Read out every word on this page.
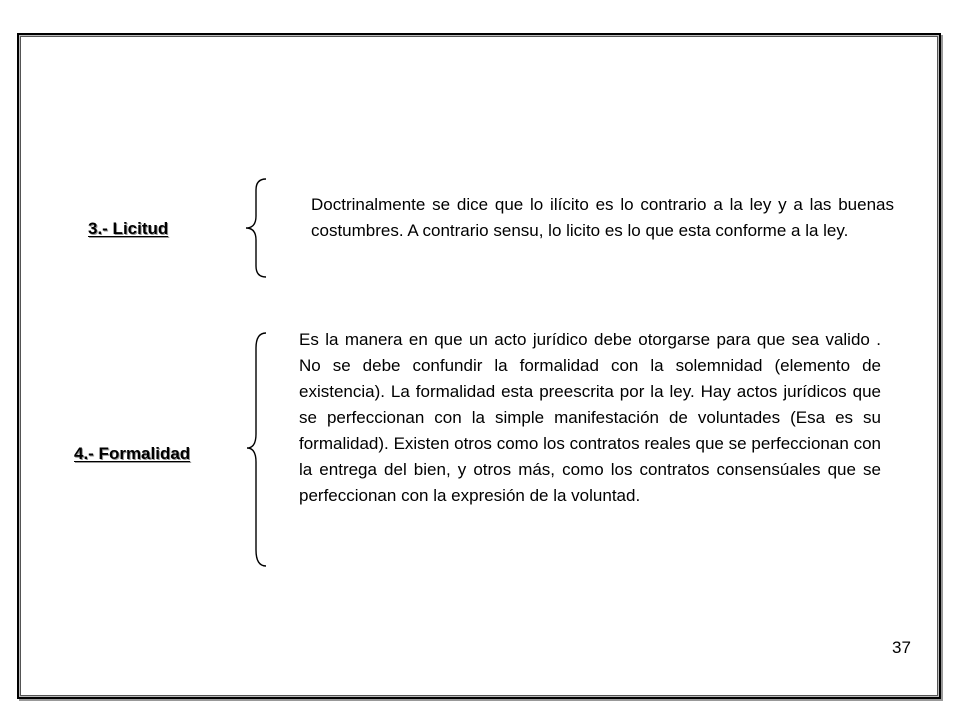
3.- Licitud
Doctrinalmente se dice que lo ilícito es lo contrario a la ley y a las buenas costumbres. A contrario sensu, lo licito es lo que esta conforme a la ley.
4.- Formalidad
Es la manera en que un acto jurídico debe otorgarse para que sea valido . No se debe confundir la formalidad con la solemnidad (elemento de existencia). La formalidad esta preescrita por la ley. Hay actos jurídicos que se perfeccionan con la simple manifestación de voluntades (Esa es su formalidad). Existen otros como los contratos reales que se perfeccionan con la entrega del bien, y otros más, como los contratos consensúales que se perfeccionan con la expresión de la voluntad.
37
